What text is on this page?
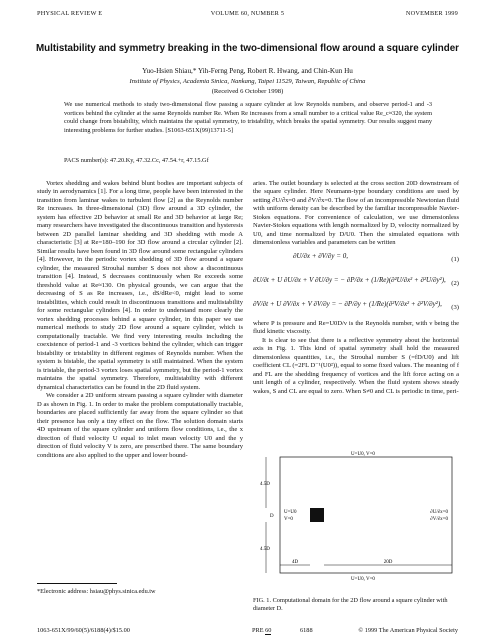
PHYSICAL REVIEW E	VOLUME 60, NUMBER 5	NOVEMBER 1999
Multistability and symmetry breaking in the two-dimensional flow around a square cylinder
Yuo-Hsien Shiau,* Yih-Ferng Peng, Robert R. Hwang, and Chin-Kun Hu
Institute of Physics, Academia Sinica, Nankang, Taipei 11529, Taiwan, Republic of China
(Received 6 October 1998)
We use numerical methods to study two-dimensional flow passing a square cylinder at low Reynolds numbers, and observe period-1 and -3 vortices behind the cylinder at the same Reynolds number Re. When Re increases from a small number to a critical value Re_c≈320, the system could change from bistability, which maintains the spatial symmetry, to tristability, which breaks the spatial symmetry. Our results suggest many interesting problems for further studies. [S1063-651X(99)13711-5]
PACS number(s): 47.20.Ky, 47.32.Cc, 47.54.+r, 47.15.Gf

Vortex shedding and wakes behind blunt bodies are important subjects of study in aerodynamics [1]. For a long time, people have been interested in the transition from laminar wakes to turbulent flow [2] as the Reynolds number Re increases. In three-dimensional (3D) flow around a 3D cylinder, the system has effective 2D behavior at small Re and 3D behavior at large Re; many researchers have investigated the discontinuous transition and hysteresis between 2D parallel laminar shedding and 3D shedding with mode A characteristic [3] at Re=180–190 for 3D flow around a circular cylinder [2]. Similar results have been found in 3D flow around some rectangular cylinders [4]. However, in the periodic vortex shedding of 3D flow around a square cylinder, the measured Strouhal number S does not show a discontinuous transition [4]. Instead, S decreases continuously when Re exceeds some threshold value at Re≈130. On physical grounds, we can argue that the decreasing of S as Re increases, i.e., dS/dRe<0, might lead to some instabilities, which could result in discontinuous transitions and multistability for some rectangular cylinders [4]. In order to understand more clearly the vortex shedding processes behind a square cylinder, in this paper we use numerical methods to study 2D flow around a square cylinder, which is computationally tractable. We find very interesting results including the coexistence of period-1 and -3 vortices behind the cylinder, which can trigger bistability or tristability in different regimes of Reynolds number. When the system is bistable, the spatial symmetry is still maintained. When the system is tristable, the period-3 vortex loses spatial symmetry, but the period-1 vortex maintains the spatial symmetry. Therefore, multistability with different dynamical characteristics can be found in the 2D fluid system.

We consider a 2D uniform stream passing a square cylinder with diameter D as shown in Fig. 1. In order to make the problem computationally tractable, boundaries are placed sufficiently far away from the square cylinder so that their presence has only a tiny effect on the flow. The solution domain starts 4D upstream of the square cylinder and uniform flow conditions, i.e., the x direction of fluid velocity U equal to inlet mean velocity U0 and the y direction of fluid velocity V is zero, are prescribed there. The same boundary conditions are also applied to the upper and lower bound-

*Electronic address: hsiau@phys.sinica.edu.tw

aries. The outlet boundary is selected at the cross section 20D downstream of the square cylinder. Here Neumann-type boundary conditions are used by setting ∂U/∂x=0 and ∂V/∂x=0. The flow of an incompressible Newtonian fluid with uniform density can be described by the familiar incompressible Navier-Stokes equations. For convenience of calculation, we use dimensionless Navier-Stokes equations with length normalized by D, velocity normalized by U0, and time normalized by D/U0. Then the simulated equations with dimensionless variables and parameters can be written

∂U/∂x + ∂V/∂y = 0,	(1)
∂U/∂t + U ∂U/∂x + V ∂U/∂y = − ∂P/∂x + (1/Re)(∂²U/∂x² + ∂²U/∂y²), (2)
∂V/∂t + U ∂V/∂x + V ∂V/∂y = − ∂P/∂y + (1/Re)(∂²V/∂x² + ∂²V/∂y²), (3)

where P is pressure and Re=U0D/ν is the Reynolds number, with ν being the fluid kinetic viscosity.

It is clear to see that there is a reflective symmetry about the horizontal axis in Fig. 1. This kind of spatial symmetry shall hold the measured dimensionless quantities, i.e., the Strouhal number S (=fD/U0) and lift coefficient CL (=2FL D⁻¹(U0²)), equal to some fixed values. The meaning of f and FL are the shedding frequency of vortices and the lift force acting on a unit length of a cylinder, respectively. When the fluid system shows steady wakes, S and CL are equal to zero. When S≠0 and CL is periodic in time, peri-

U=U0, V=0
U=U0, V=0
U=U0
V=0
∂U/∂x=0
∂V/∂x=0
4.5D
D
4.5D
4D	20D
FIG. 1. Computational domain for the 2D flow around a square cylinder with diameter D.
1063-651X/99/60(5)/6188(4)/$15.00	PRE 60	6188	© 1999 The American Physical Society
